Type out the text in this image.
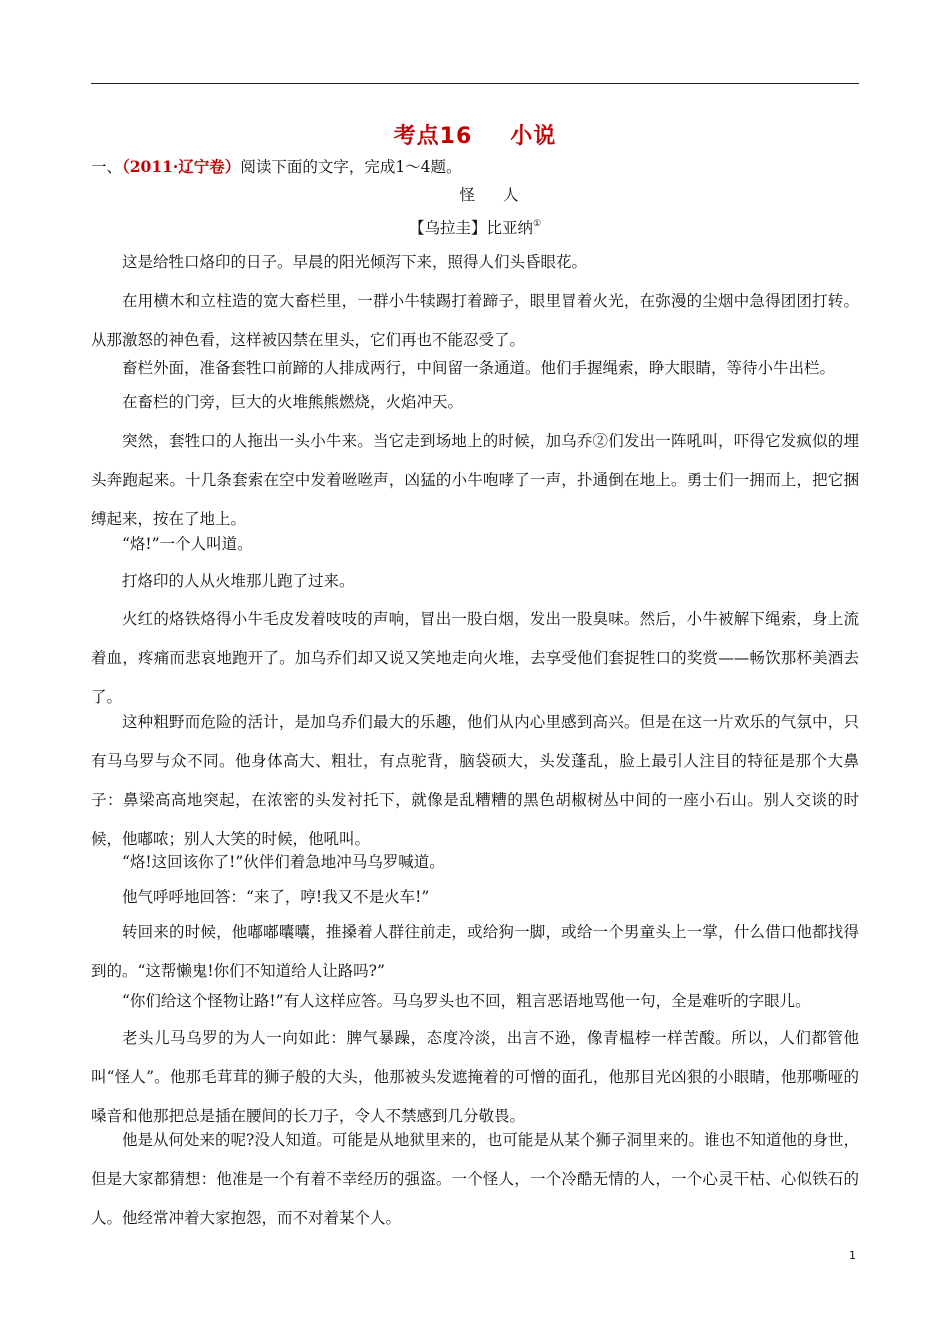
考点16 小说
一、（2011·辽宁卷）阅读下面的文字，完成1～4题。
怪人
【乌拉圭】比亚纳①
这是给牲口烙印的日子。早晨的阳光倾泻下来，照得人们头昏眼花。
在用横木和立柱造的宽大畜栏里，一群小牛犊踢打着蹄子，眼里冒着火光，在弥漫的尘烟中急得团团打转。从那激怒的神色看，这样被囚禁在里头，它们再也不能忍受了。
畜栏外面，准备套牲口前蹄的人排成两行，中间留一条通道。他们手握绳索，睁大眼睛，等待小牛出栏。
在畜栏的门旁，巨大的火堆熊熊燃烧，火焰冲天。
突然，套牲口的人拖出一头小牛来。当它走到场地上的时候，加乌乔②们发出一阵吼叫，吓得它发疯似的埋头奔跑起来。十几条套索在空中发着咝咝声，凶猛的小牛咆哮了一声，扑通倒在地上。勇士们一拥而上，把它捆缚起来，按在了地上。
“烙!”一个人叫道。
打烙印的人从火堆那儿跑了过来。
火红的烙铁烙得小牛毛皮发着吱吱的声响，冒出一股白烟，发出一股臭味。然后，小牛被解下绳索，身上流着血，疼痛而悲哀地跑开了。加乌乔们却又说又笑地走向火堆，去享受他们套捉牲口的奖赏——畅饮那杯美酒去了。
这种粗野而危险的活计，是加乌乔们最大的乐趣，他们从内心里感到高兴。但是在这一片欢乐的气氛中，只有马乌罗与众不同。他身体高大、粗壮，有点驼背，脑袋硕大，头发蓬乱，脸上最引人注目的特征是那个大鼻子：鼻梁高高地突起，在浓密的头发衬托下，就像是乱糟糟的黑色胡椒树丛中间的一座小石山。别人交谈的时候，他嘟哝；别人大笑的时候，他吼叫。
“烙!这回该你了!”伙伴们着急地冲马乌罗喊道。
他气呼呼地回答：“来了，哼!我又不是火车!”
转回来的时候，他嘟嘟囔囔，推搡着人群往前走，或给狗一脚，或给一个男童头上一掌，什么借口他都找得到的。“这帮懒鬼!你们不知道给人让路吗?”
“你们给这个怪物让路!”有人这样应答。马乌罗头也不回，粗言恶语地骂他一句，全是难听的字眼儿。
老头儿马乌罗的为人一向如此：脾气暴躁，态度冷淡，出言不逊，像青榅桲一样苦酸。所以，人们都管他叫“怪人”。他那毛茸茸的狮子般的大头，他那被头发遮掩着的可憎的面孔，他那目光凶狠的小眼睛，他那嘶哑的嗓音和他那把总是插在腰间的长刀子，令人不禁感到几分敬畏。
他是从何处来的呢?没人知道。可能是从地狱里来的，也可能是从某个狮子洞里来的。谁也不知道他的身世，但是大家都猜想：他准是一个有着不幸经历的强盗。一个怪人，一个冷酷无情的人，一个心灵干枯、心似铁石的人。他经常冲着大家抱怨，而不对着某个人。
1
